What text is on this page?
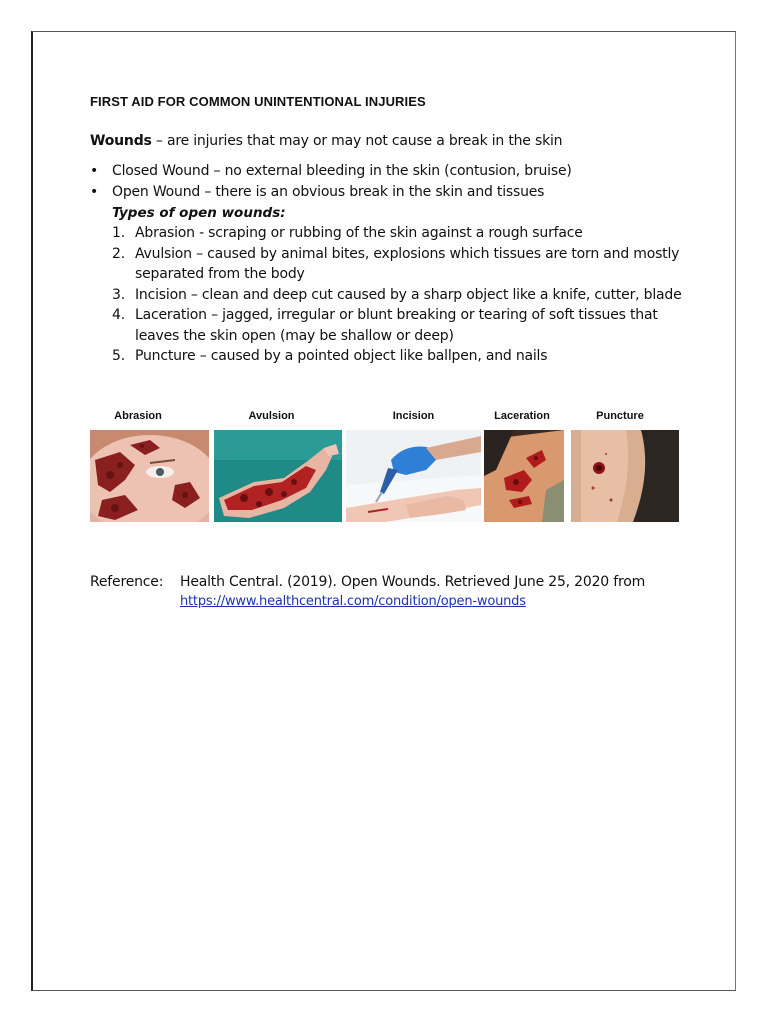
FIRST AID FOR COMMON UNINTENTIONAL INJURIES
Wounds – are injuries that may or may not cause a break in the skin
• Closed Wound – no external bleeding in the skin (contusion, bruise)
• Open Wound – there is an obvious break in the skin and tissues
Types of open wounds:
1. Abrasion - scraping or rubbing of the skin against a rough surface
2. Avulsion – caused by animal bites, explosions which tissues are torn and mostly separated from the body
3. Incision – clean and deep cut caused by a sharp object like a knife, cutter, blade
4. Laceration – jagged, irregular or blunt breaking or tearing of soft tissues that leaves the skin open (may be shallow or deep)
5. Puncture – caused by a pointed object like ballpen, and nails
Abrasion	Avulsion	Incision	Laceration	Puncture
Reference: Health Central. (2019). Open Wounds. Retrieved June 25, 2020 from
https://www.healthcentral.com/condition/open-wounds
